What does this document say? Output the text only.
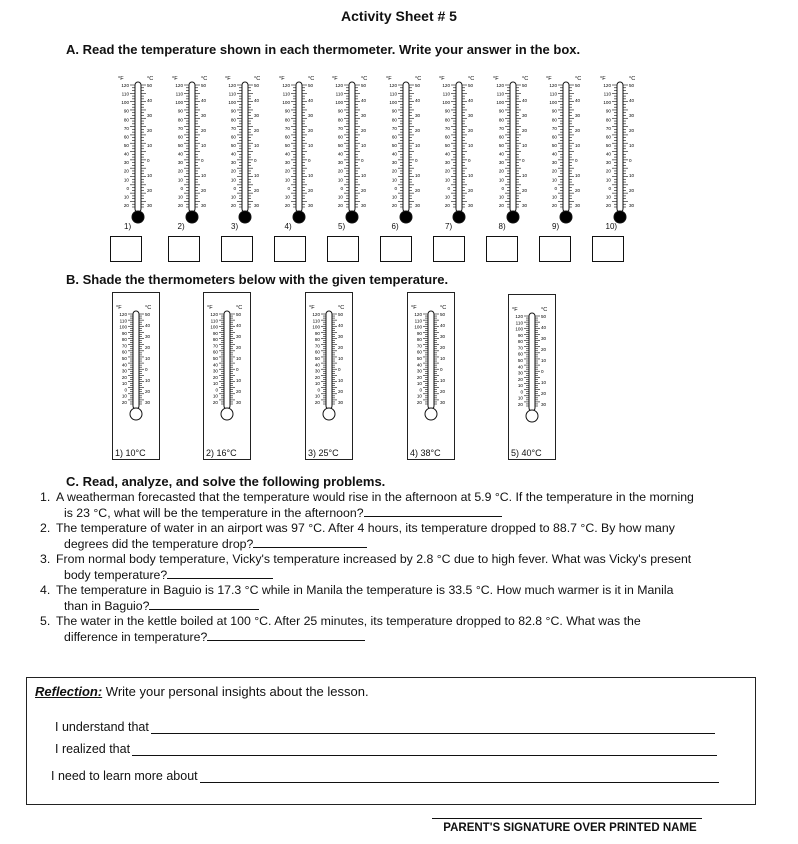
Activity Sheet # 5
A. Read the temperature shown in each thermometer. Write your answer in the box.
°F	°C
120
110
100
90
80
70
60
50
40
30
20
10
0
10
20
50
40
30
20
10
0
10
20
30
1)
°F	°C
120
110
100
90
80
70
60
50
40
30
20
10
0
10
20
50
40
30
20
10
0
10
20
30
2)
°F	°C
120
110
100
90
80
70
60
50
40
30
20
10
0
10
20
50
40
30
20
10
0
10
20
30
3)
°F	°C
120
110
100
90
80
70
60
50
40
30
20
10
0
10
20
50
40
30
20
10
0
10
20
30
4)
°F	°C
120
110
100
90
80
70
60
50
40
30
20
10
0
10
20
50
40
30
20
10
0
10
20
30
5)
°F	°C
120
110
100
90
80
70
60
50
40
30
20
10
0
10
20
50
40
30
20
10
0
10
20
30
6)
°F	°C
120
110
100
90
80
70
60
50
40
30
20
10
0
10
20
50
40
30
20
10
0
10
20
30
7)
°F	°C
120
110
100
90
80
70
60
50
40
30
20
10
0
10
20
50
40
30
20
10
0
10
20
30
8)
°F	°C
120
110
100
90
80
70
60
50
40
30
20
10
0
10
20
50
40
30
20
10
0
10
20
30
9)
°F	°C
120
110
100
90
80
70
60
50
40
30
20
10
0
10
20
50
40
30
20
10
0
10
20
30
10)
B. Shade the thermometers below with the given temperature.
°F	°C
120
110
100
90
80
70
60
50
40
30
20
10
0
10
20
50
40
30
20
10
0
10
20
30
1) 10°C
°F	°C
120
110
100
90
80
70
60
50
40
30
20
10
0
10
20
50
40
30
20
10
0
10
20
30
2) 16°C
°F	°C
120
110
100
90
80
70
60
50
40
30
20
10
0
10
20
50
40
30
20
10
0
10
20
30
3) 25°C
°F	°C
120
110
100
90
80
70
60
50
40
30
20
10
0
10
20
50
40
30
20
10
0
10
20
30
4) 38°C
°F	°C
120
110
100
90
80
70
60
50
40
30
20
10
0
10
20
50
40
30
20
10
0
10
20
30
5) 40°C
C. Read, analyze, and solve the following problems.
1. A weatherman forecasted that the temperature would rise in the afternoon at 5.9 °C. If the temperature in the morning
is 23 °C, what will be the temperature in the afternoon?
2. The temperature of water in an airport was 97 °C. After 4 hours, its temperature dropped to 88.7 °C. By how many
degrees did the temperature drop?
3. From normal body temperature, Vicky's temperature increased by 2.8 °C due to high fever. What was Vicky's present
body temperature?
4. The temperature in Baguio is 17.3 °C while in Manila the temperature is 33.5 °C. How much warmer is it in Manila
than in Baguio?
5. The water in the kettle boiled at 100 °C. After 25 minutes, its temperature dropped to 82.8 °C. What was the
difference in temperature?
Reflection: Write your personal insights about the lesson.
I understand that
I realized that
I need to learn more about
PARENT'S SIGNATURE OVER PRINTED NAME
